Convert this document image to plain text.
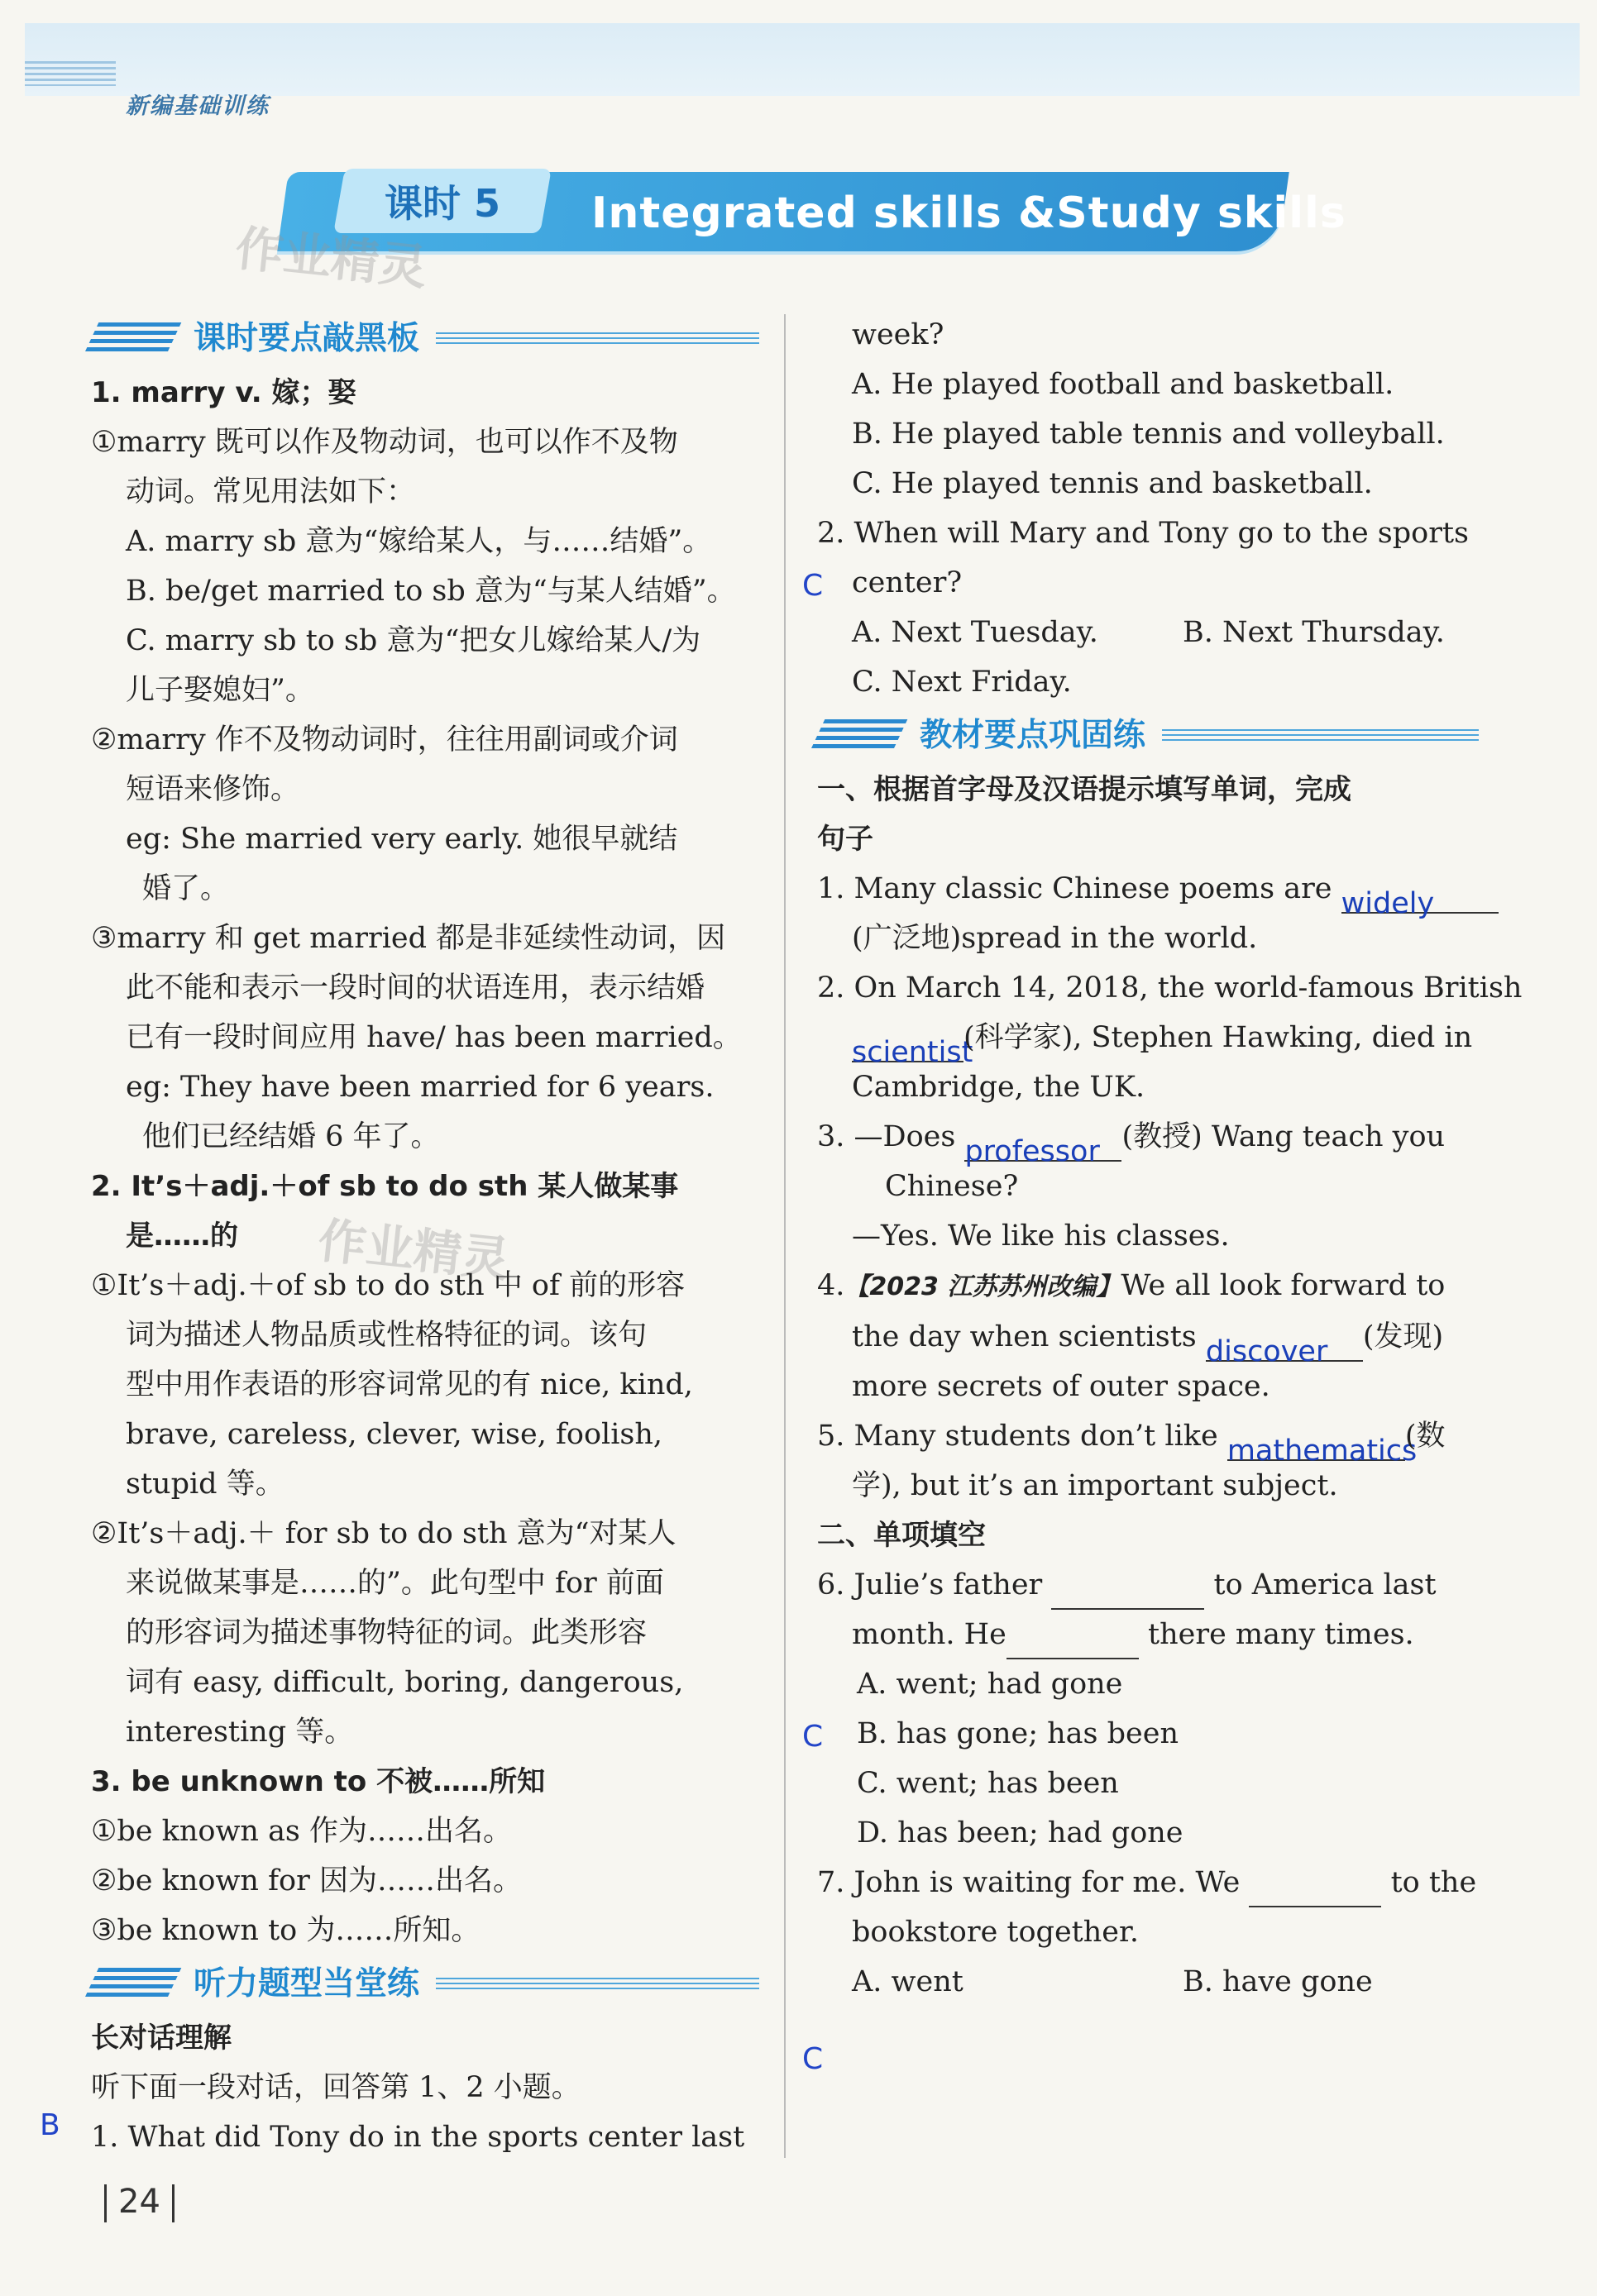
新编基础训练
课时 5 Integrated skills &Study skills
作业精灵
作业精灵
课时要点敲黑板

1. marry v. 嫁；娶

①marry 既可以作及物动词，也可以作不及物

动词。常见用法如下：

A. marry sb 意为“嫁给某人，与……结婚”。

B. be/get married to sb 意为“与某人结婚”。

C. marry sb to sb 意为“把女儿嫁给某人/为

儿子娶媳妇”。

②marry 作不及物动词时，往往用副词或介词

短语来修饰。

eg: She married very early. 她很早就结

婚了。

③marry 和 get married 都是非延续性动词，因

此不能和表示一段时间的状语连用，表示结婚

已有一段时间应用 have/ has been married。

eg: They have been married for 6 years.

他们已经结婚 6 年了。

2. It’s＋adj.＋of sb to do sth 某人做某事

是……的

①It’s＋adj.＋of sb to do sth 中 of 前的形容

词为描述人物品质或性格特征的词。该句

型中用作表语的形容词常见的有 nice, kind,

brave, careless, clever, wise, foolish,

stupid 等。

②It’s＋adj.＋ for sb to do sth 意为“对某人

来说做某事是……的”。此句型中 for 前面

的形容词为描述事物特征的词。此类形容

词有 easy, difficult, boring, dangerous,

interesting 等。

3. be unknown to 不被……所知

①be known as 作为……出名。

②be known for 因为……出名。

③be known to 为……所知。

听力题型当堂练

长对话理解

听下面一段对话，回答第 1、2 小题。

1. What did Tony do in the sports center last

B

week?

A. He played football and basketball.

B. He played table tennis and volleyball.

C. He played tennis and basketball.

2. When will Mary and Tony go to the sports

center?

A. Next Tuesday.	B. Next Thursday.

C. Next Friday.

教材要点巩固练

一、根据首字母及汉语提示填写单词，完成

句子

1. Many classic Chinese poems are widely

(广泛地)spread in the world.

2. On March 14, 2018, the world-famous British

scientist(科学家), Stephen Hawking, died in

Cambridge, the UK.

3. —Does professor (教授) Wang teach you

Chinese?

—Yes. We like his classes.

4.【2023 江苏苏州改编】We all look forward to

the day when scientists discover (发现)

more secrets of outer space.

5. Many students don’t like mathematics(数

学), but it’s an important subject.

二、单项填空

6. Julie’s father	to America last

month. He	there many times.

A. went; had gone

B. has gone; has been

C. went; has been

D. has been; had gone

7. John is waiting for me. We	to the

bookstore together.

A. went	B. have gone
C
C
C
24
